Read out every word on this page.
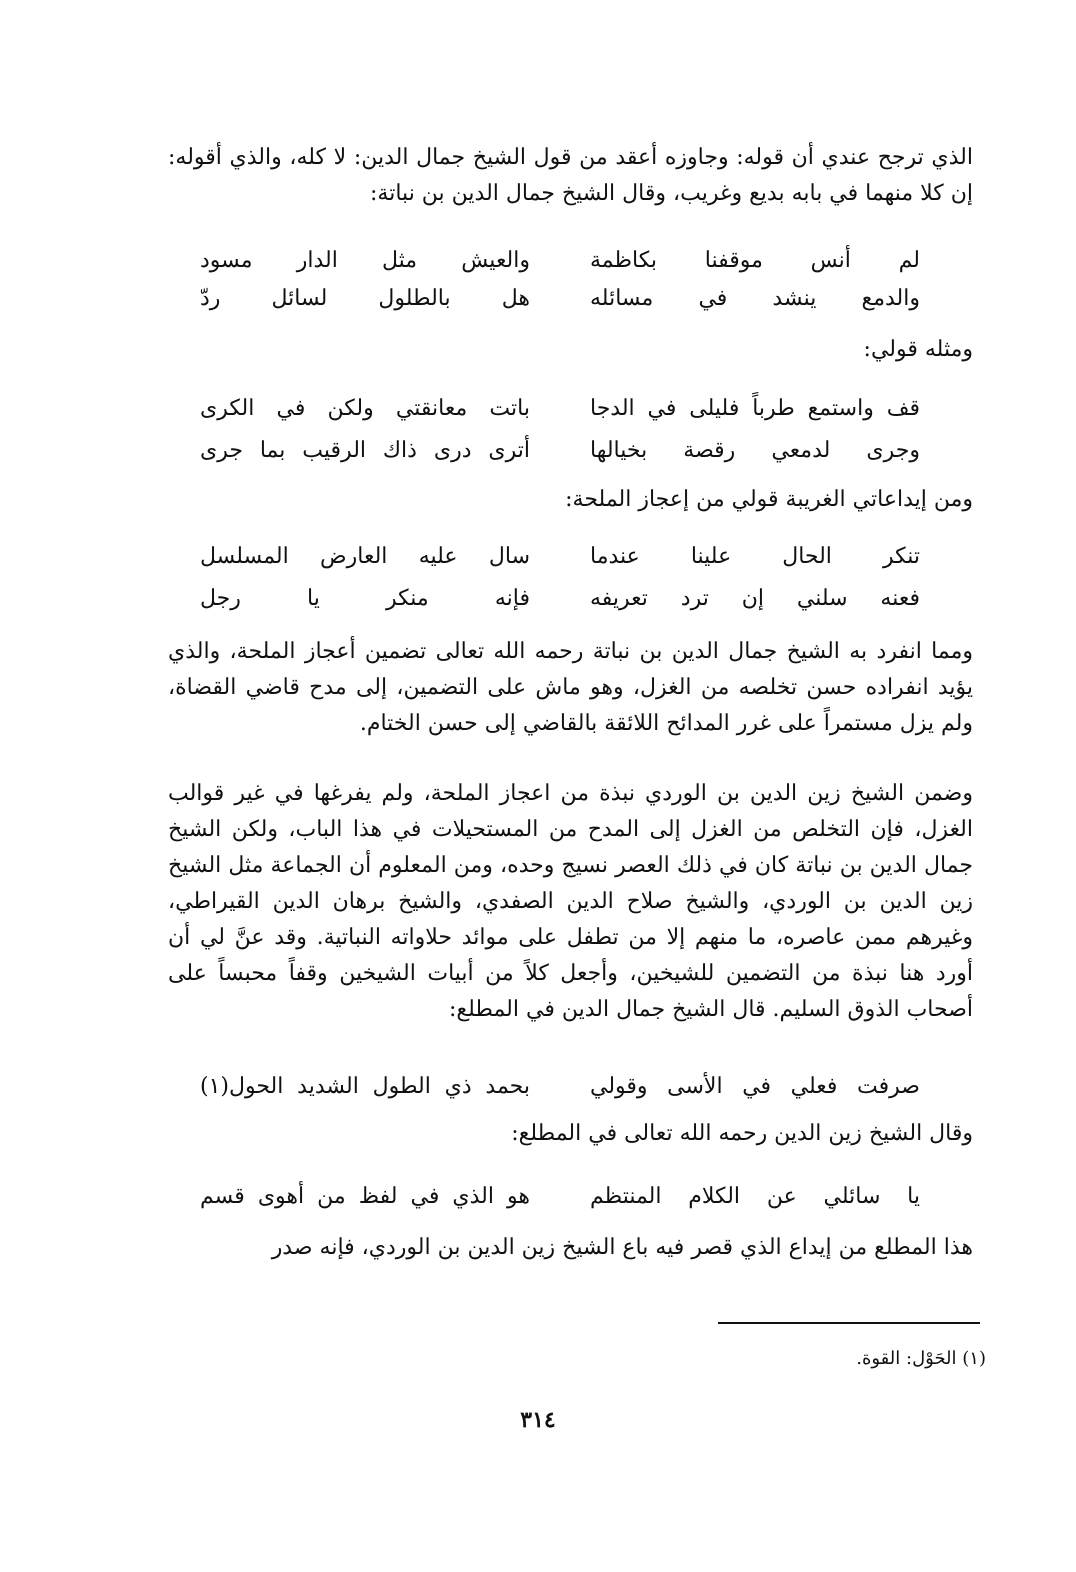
الذي ترجح عندي أن قوله: وجاوزه أعقد من قول الشيخ جمال الدين: لا كله، والذي أقوله: إن كلا منهما في بابه بديع وغريب، وقال الشيخ جمال الدين بن نباتة:

لم أنس موقفنا بكاظمة
والعيش مثل الدار مسود
والدمع ينشد في مسائله
هل بالطلول لسائل ردّ

ومثله قولي:

قف واستمع طرباً فليلى في الدجا
باتت معانقتي ولكن في الكرى
وجرى لدمعي رقصة بخيالها
أترى درى ذاك الرقيب بما جرى

ومن إيداعاتي الغريبة قولي من إعجاز الملحة:

تنكر الحال علينا عندما
سال عليه العارض المسلسل
فعنه سلني إن ترد تعريفه
فإنه منكر يا رجل

ومما انفرد به الشيخ جمال الدين بن نباتة رحمه الله تعالى تضمين أعجاز الملحة، والذي يؤيد انفراده حسن تخلصه من الغزل، وهو ماش على التضمين، إلى مدح قاضي القضاة، ولم يزل مستمراً على غرر المدائح اللائقة بالقاضي إلى حسن الختام.

وضمن الشيخ زين الدين بن الوردي نبذة من اعجاز الملحة، ولم يفرغها في غير قوالب الغزل، فإن التخلص من الغزل إلى المدح من المستحيلات في هذا الباب، ولكن الشيخ جمال الدين بن نباتة كان في ذلك العصر نسيج وحده، ومن المعلوم أن الجماعة مثل الشيخ زين الدين بن الوردي، والشيخ صلاح الدين الصفدي، والشيخ برهان الدين القيراطي، وغيرهم ممن عاصره، ما منهم إلا من تطفل على موائد حلاواته النباتية. وقد عنَّ لي أن أورد هنا نبذة من التضمين للشيخين، وأجعل كلاً من أبيات الشيخين وقفاً محبساً على أصحاب الذوق السليم. قال الشيخ جمال الدين في المطلع:

صرفت فعلي في الأسى وقولي
بحمد ذي الطول الشديد الحول(١)

وقال الشيخ زين الدين رحمه الله تعالى في المطلع:

يا سائلي عن الكلام المنتظم
هو الذي في لفظ من أهوى قسم

هذا المطلع من إيداع الذي قصر فيه باع الشيخ زين الدين بن الوردي، فإنه صدر

(١) الحَوْل: القوة.
٣١٤
